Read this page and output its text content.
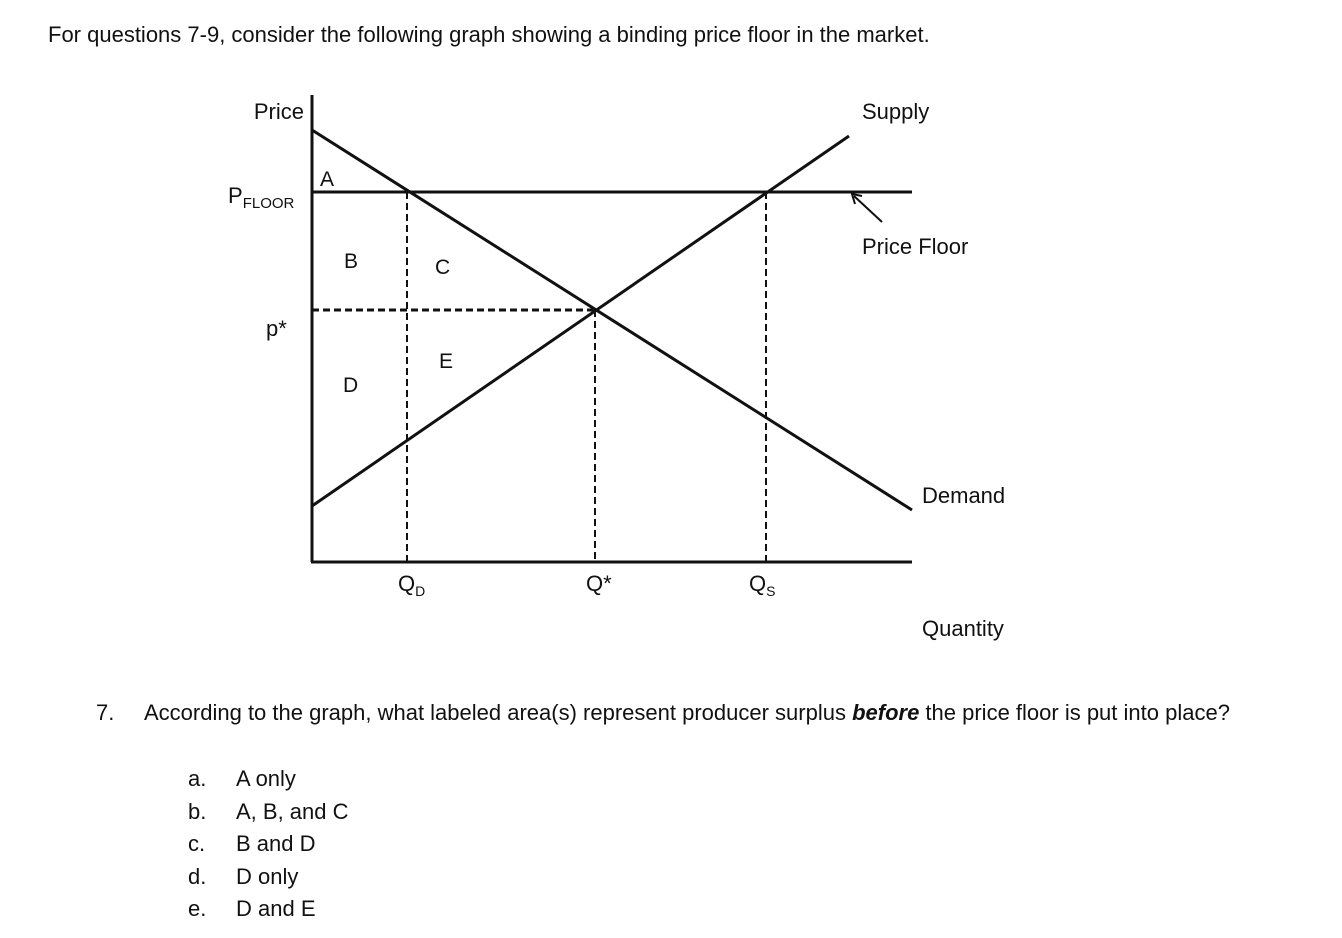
For questions 7-9, consider the following graph showing a binding price floor in the market.
Price
Quantity
$P_{FLOOR}$
p*
Supply
Price Floor
Demand
$Q_D$	Q*	$Q_S$
A
B	C
D
E
7. According to the graph, what labeled area(s) represent producer surplus before the price floor is put into place?
a. A only
b. A, B, and C
c. B and D
d. D only
e. D and E
